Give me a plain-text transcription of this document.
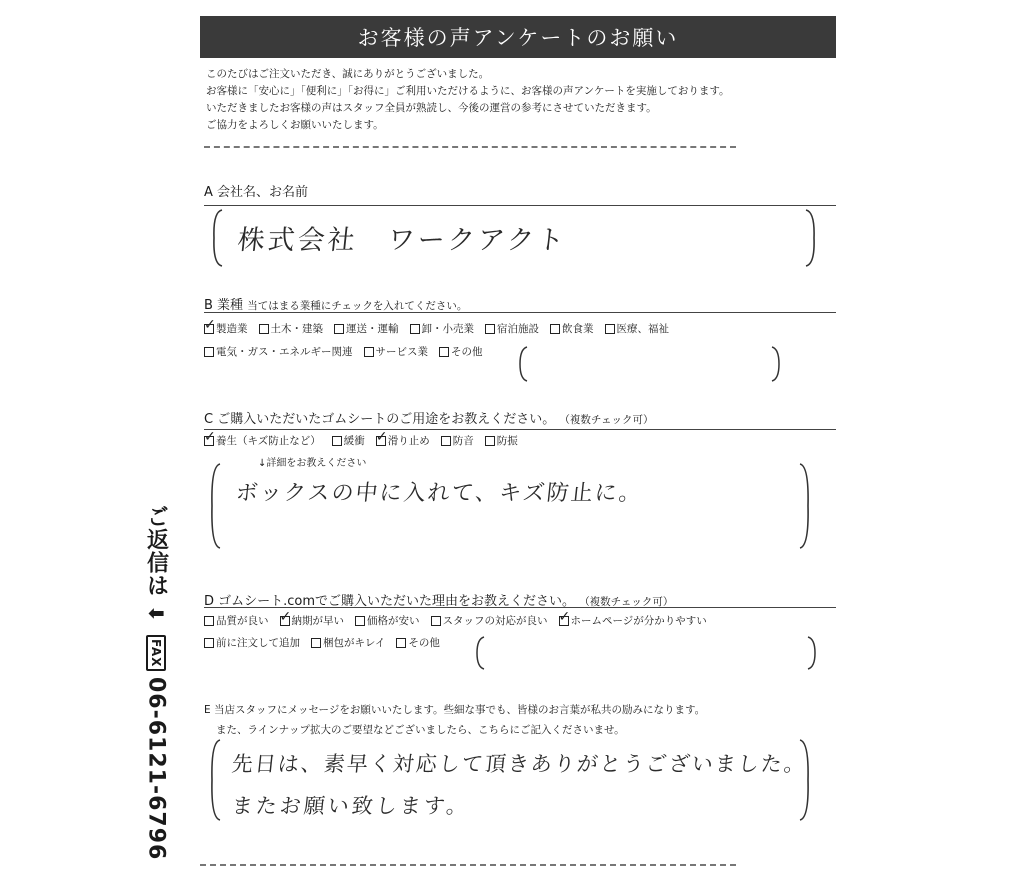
お客様の声アンケートのお願い
このたびはご注文いただき、誠にありがとうございました。
お客様に「安心に」「便利に」「お得に」ご利用いただけるように、お客様の声アンケートを実施しております。
いただきましたお客様の声はスタッフ全員が熟読し、今後の運営の参考にさせていただきます。
ご協力をよろしくお願いいたします。
A 会社名、お名前
株式会社　ワークアクト
B 業種 当てはまる業種にチェックを入れてください。
✓ 製造業 土木・建築 運送・運輸 卸・小売業 宿泊施設 飲食業 医療、福祉
電気・ガス・エネルギー関連 サービス業 その他
C ご購入いただいたゴムシートのご用途をお教えください。 （複数チェック可）
✓ 養生（キズ防止など） 緩衝 ✓ 滑り止め 防音 防振
↓詳細をお教えください
ボックスの中に入れて、キズ防止に。
D ゴムシート.comでご購入いただいた理由をお教えください。 （複数チェック可）
品質が良い ✓ 納期が早い 価格が安い スタッフの対応が良い ✓ ホームページが分かりやすい
前に注文して追加 梱包がキレイ その他
E 当店スタッフにメッセージをお願いいたします。些細な事でも、皆様のお言葉が私共の励みになります。
また、ラインナップ拡大のご要望などございましたら、こちらにご記入くださいませ。
先日は、素早く対応して頂きありがとうございました。
またお願い致します。
ご返信は
⬇
FAX
06-6121-6796
